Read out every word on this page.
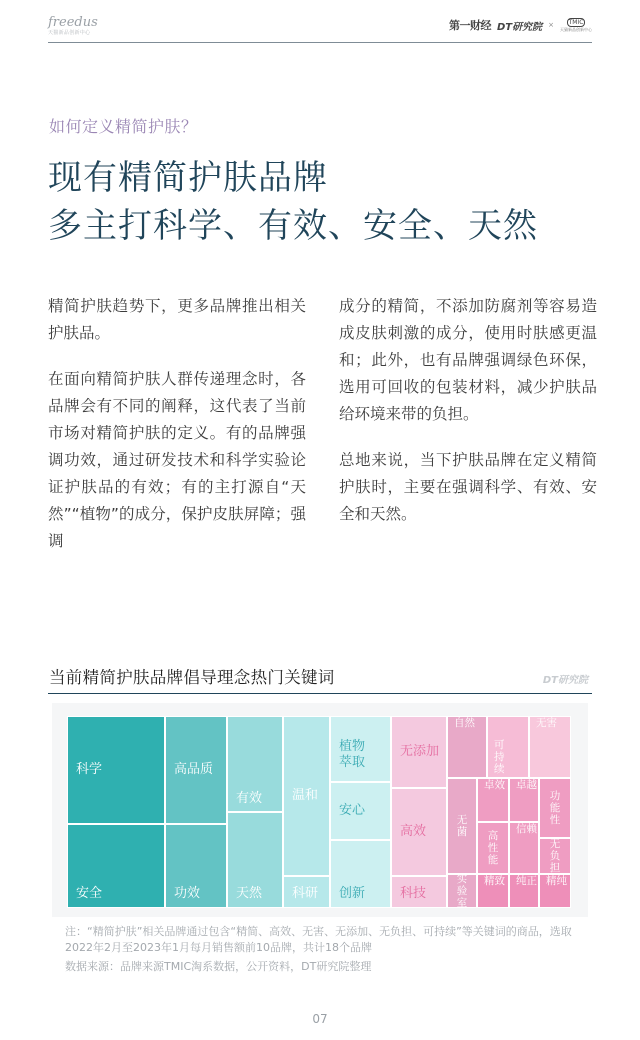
freedus
天猫新品创新中心
第一财经 DT研究院 × TMIC
天猫新品创新中心
如何定义精简护肤？
现有精简护肤品牌
多主打科学、有效、安全、天然

精简护肤趋势下，更多品牌推出相关护肤品。

在面向精简护肤人群传递理念时，各品牌会有不同的阐释，这代表了当前市场对精简护肤的定义。有的品牌强调功效，通过研发技术和科学实验论证护肤品的有效；有的主打源自“天然”“植物”的成分，保护皮肤屏障；强调

成分的精简，不添加防腐剂等容易造成皮肤刺激的成分，使用时肤感更温和；此外，也有品牌强调绿色环保，选用可回收的包装材料，减少护肤品给环境来带的负担。

总地来说，当下护肤品牌在定义精简护肤时，主要在强调科学、有效、安全和天然。

当前精简护肤品牌倡导理念热门关键词	DT研究院
科学
安全
高品质
功效
有效
天然
温和
科研
植物萃取
安心
创新
无添加
高效
科技
自然
可持续
无害
无菌
实验室
卓效 卓越
功能性
高性能
信赖
无负担
精致 纯正 精纯

注：“精简护肤”相关品牌通过包含“精简、高效、无害、无添加、无负担、可持续”等关键词的商品，选取2022年2月至2023年1月每月销售额前10品牌，共计18个品牌

数据来源：品牌来源TMIC淘系数据，公开资料，DT研究院整理

07
